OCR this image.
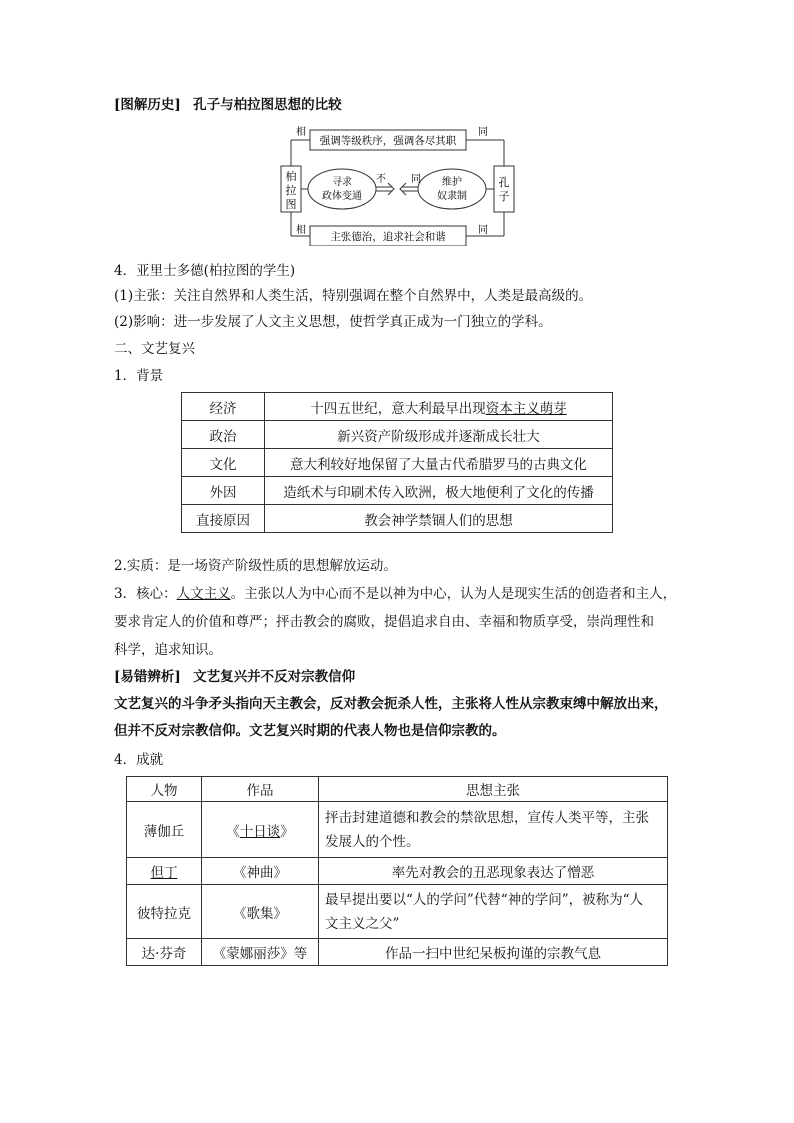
[图解历史] 孔子与柏拉图思想的比较
强调等级秩序，强调各尽其职
主张德治，追求社会和谐
相	同
相	同
柏
拉
图
孔
子
寻求
政体变通
维护
奴隶制
不	同
4．亚里士多德(柏拉图的学生)
(1)主张：关注自然界和人类生活，特别强调在整个自然界中，人类是最高级的。
(2)影响：进一步发展了人文主义思想，使哲学真正成为一门独立的学科。
二、文艺复兴
1．背景
经济	十四五世纪，意大利最早出现资本主义萌芽
政治	新兴资产阶级形成并逐渐成长壮大
文化	意大利较好地保留了大量古代希腊罗马的古典文化
外因	造纸术与印刷术传入欧洲，极大地便利了文化的传播
直接原因	教会神学禁锢人们的思想
2.实质：是一场资产阶级性质的思想解放运动。
3．核心：人文主义。主张以人为中心而不是以神为中心，认为人是现实生活的创造者和主人，
要求肯定人的价值和尊严；抨击教会的腐败，提倡追求自由、幸福和物质享受，崇尚理性和
科学，追求知识。
[易错辨析] 文艺复兴并不反对宗教信仰
文艺复兴的斗争矛头指向天主教会，反对教会扼杀人性，主张将人性从宗教束缚中解放出来，
但并不反对宗教信仰。文艺复兴时期的代表人物也是信仰宗教的。
4．成就
人物	作品	思想主张
薄伽丘	《十日谈》	抨击封建道德和教会的禁欲思想，宣传人类平等，主张
发展人的个性。

但丁	《神曲》	率先对教会的丑恶现象表达了憎恶
彼特拉克	《歌集》	最早提出要以“人的学问”代替“神的学问”，被称为“人
文主义之父”

达·芬奇	《蒙娜丽莎》等	作品一扫中世纪呆板拘谨的宗教气息
